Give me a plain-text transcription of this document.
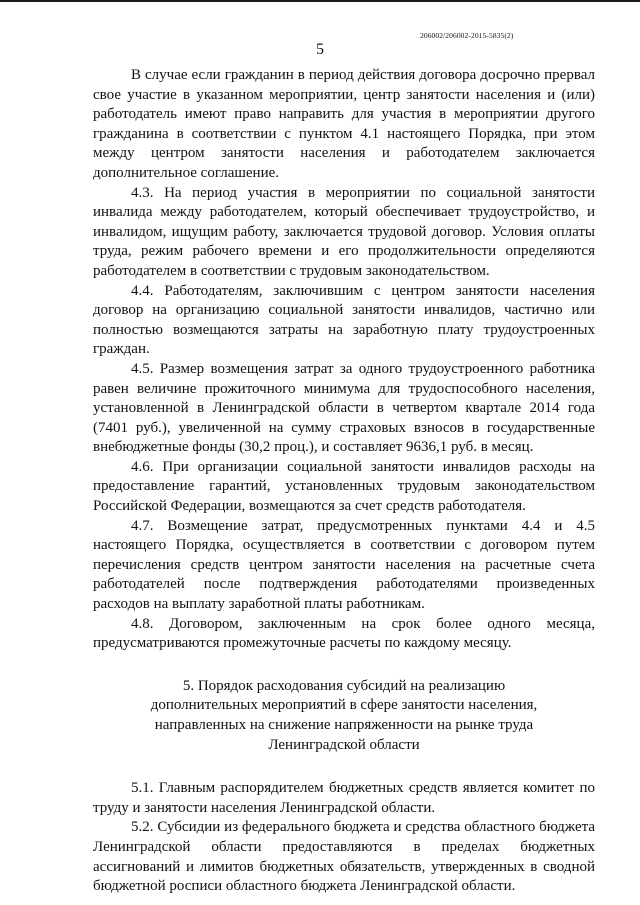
206002/206002-2015-5835(2)
5

В случае если гражданин в период действия договора досрочно прервал свое участие в указанном мероприятии, центр занятости населения и (или) работодатель имеют право направить для участия в мероприятии другого гражданина в соответствии с пунктом 4.1 настоящего Порядка, при этом между центром занятости населения и работодателем заключается дополнительное соглашение.

4.3. На период участия в мероприятии по социальной занятости инвалида между работодателем, который обеспечивает трудоустройство, и инвалидом, ищущим работу, заключается трудовой договор. Условия оплаты труда, режим рабочего времени и его продолжительности определяются работодателем в соответствии с трудовым законодательством.

4.4. Работодателям, заключившим с центром занятости населения договор на организацию социальной занятости инвалидов, частично или полностью возмещаются затраты на заработную плату трудоустроенных граждан.

4.5. Размер возмещения затрат за одного трудоустроенного работника равен величине прожиточного минимума для трудоспособного населения, установленной в Ленинградской области в четвертом квартале 2014 года (7401 руб.), увеличенной на сумму страховых взносов в государственные внебюджетные фонды (30,2 проц.), и составляет 9636,1 руб. в месяц.

4.6. При организации социальной занятости инвалидов расходы на предоставление гарантий, установленных трудовым законодательством Российской Федерации, возмещаются за счет средств работодателя.

4.7. Возмещение затрат, предусмотренных пунктами 4.4 и 4.5 настоящего Порядка, осуществляется в соответствии с договором путем перечисления средств центром занятости населения на расчетные счета работодателей после подтверждения работодателями произведенных расходов на выплату заработной платы работникам.

4.8. Договором, заключенным на срок более одного месяца, предусматриваются промежуточные расчеты по каждому месяцу.

5. Порядок расходования субсидий на реализацию
дополнительных мероприятий в сфере занятости населения,
направленных на снижение напряженности на рынке труда
Ленинградской области

5.1. Главным распорядителем бюджетных средств является комитет по труду и занятости населения Ленинградской области.

5.2. Субсидии из федерального бюджета и средства областного бюджета Ленинградской области предоставляются в пределах бюджетных ассигнований и лимитов бюджетных обязательств, утвержденных в сводной бюджетной росписи областного бюджета Ленинградской области.
